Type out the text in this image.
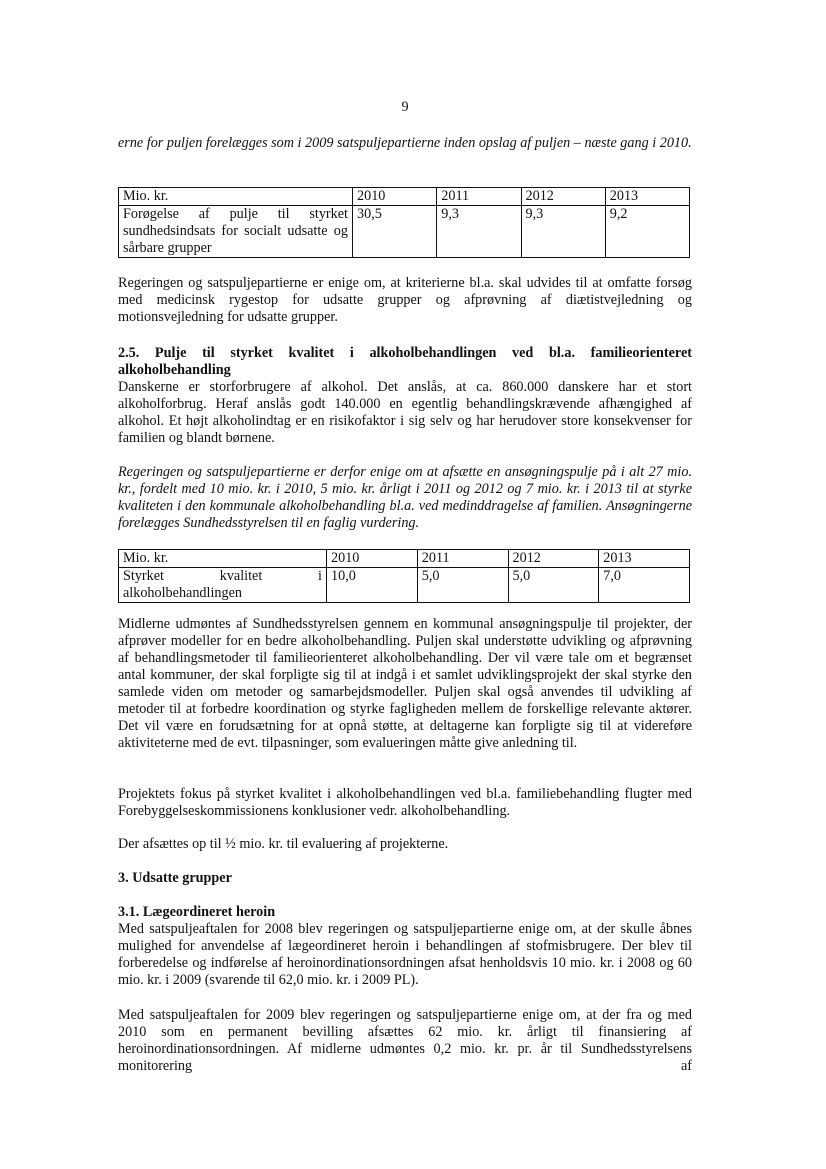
9

erne for puljen forelægges som i 2009 satspuljepartierne inden opslag af puljen – næste gang i 2010.

Mio. kr.	2010	2011	2012	2013
Forøgelse af pulje til styrket sundhedsindsats for socialt udsatte og sårbare grupper	30,5	9,3	9,3	9,2

Regeringen og satspuljepartierne er enige om, at kriterierne bl.a. skal udvides til at omfatte forsøg med medicinsk rygestop for udsatte grupper og afprøvning af diætistvejledning og motionsvejledning for udsatte grupper.

2.5. Pulje til styrket kvalitet i alkoholbehandlingen ved bl.a. familieorienteret alkoholbehandling

Danskerne er storforbrugere af alkohol. Det anslås, at ca. 860.000 danskere har et stort alkoholforbrug. Heraf anslås godt 140.000 en egentlig behandlingskrævende afhængighed af alkohol. Et højt alkoholindtag er en risikofaktor i sig selv og har herudover store konsekvenser for familien og blandt børnene.

Regeringen og satspuljepartierne er derfor enige om at afsætte en ansøgningspulje på i alt 27 mio. kr., fordelt med 10 mio. kr. i 2010, 5 mio. kr. årligt i 2011 og 2012 og 7 mio. kr. i 2013 til at styrke kvaliteten i den kommunale alkoholbehandling bl.a. ved medinddragelse af familien. Ansøgningerne forelægges Sundhedsstyrelsen til en faglig vurdering.

Mio. kr.	2010	2011	2012	2013
Styrket kvalitet i alkoholbehandlingen	10,0	5,0	5,0	7,0

Midlerne udmøntes af Sundhedsstyrelsen gennem en kommunal ansøgningspulje til projekter, der afprøver modeller for en bedre alkoholbehandling. Puljen skal understøtte udvikling og afprøvning af behandlingsmetoder til familieorienteret alkoholbehandling. Der vil være tale om et begrænset antal kommuner, der skal forpligte sig til at indgå i et samlet udviklingsprojekt der skal styrke den samlede viden om metoder og samarbejdsmodeller. Puljen skal også anvendes til udvikling af metoder til at forbedre koordination og styrke fagligheden mellem de forskellige relevante aktører. Det vil være en forudsætning for at opnå støtte, at deltagerne kan forpligte sig til at videreføre aktiviteterne med de evt. tilpasninger, som evalueringen måtte give anledning til.

Projektets fokus på styrket kvalitet i alkoholbehandlingen ved bl.a. familiebehandling flugter med Forebyggelseskommissionens konklusioner vedr. alkoholbehandling.

Der afsættes op til ½ mio. kr. til evaluering af projekterne.

3. Udsatte grupper
3.1. Lægeordineret heroin

Med satspuljeaftalen for 2008 blev regeringen og satspuljepartierne enige om, at der skulle åbnes mulighed for anvendelse af lægeordineret heroin i behandlingen af stofmisbrugere. Der blev til forberedelse og indførelse af heroinordinationsordningen afsat henholdsvis 10 mio. kr. i 2008 og 60 mio. kr. i 2009 (svarende til 62,0 mio. kr. i 2009 PL).

Med satspuljeaftalen for 2009 blev regeringen og satspuljepartierne enige om, at der fra og med 2010 som en permanent bevilling afsættes 62 mio. kr. årligt til finansiering af heroinordinationsordningen. Af midlerne udmøntes 0,2 mio. kr. pr. år til Sundhedsstyrelsens monitorering af
